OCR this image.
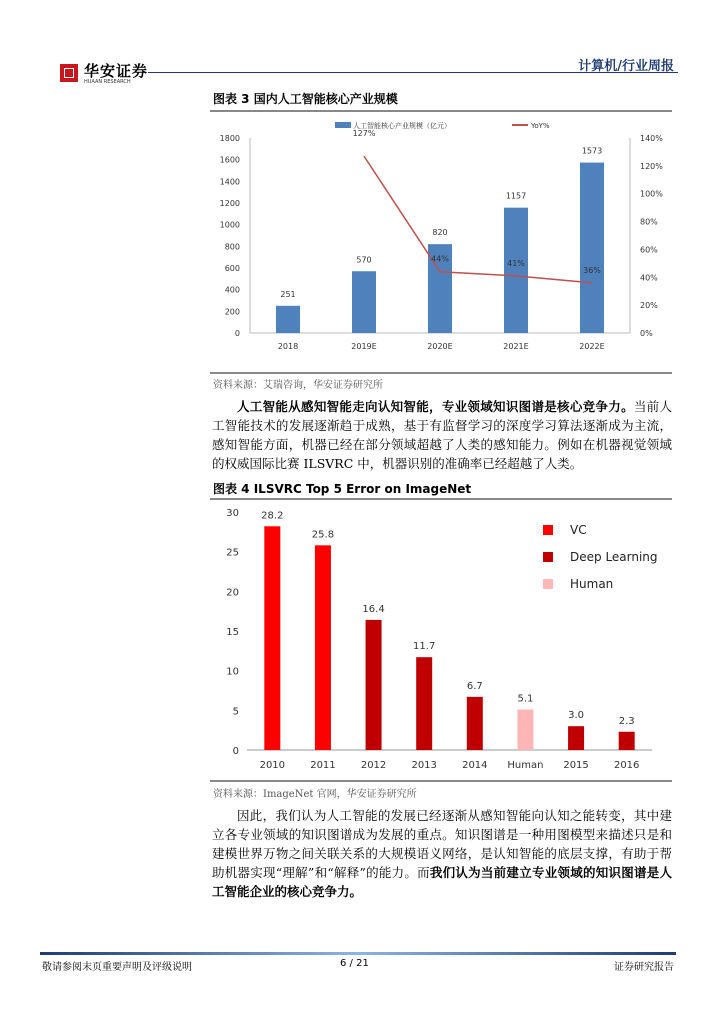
华安证券
HUAAN RESEARCH
计算机/行业周报
图表 3 国内人工智能核心产业规模
0
200
400
600
800
1000
1200
1400
1600
1800
0%
20%
40%
60%
80%
100%
120%
140%
251
2018
570
2019E
820
2020E
1157
2021E
1573
2022E
127%
44%	41%
36%
人工智能核心产业规模（亿元）	YoY%
资料来源：艾瑞咨询，华安证券研究所
人工智能从感知智能走向认知智能，专业领域知识图谱是核心竞争力。当前人工智能技术的发展逐渐趋于成熟，基于有监督学习的深度学习算法逐渐成为主流，感知智能方面，机器已经在部分领域超越了人类的感知能力。例如在机器视觉领域的权威国际比赛 ILSVRC 中，机器识别的准确率已经超越了人类。
图表 4 ILSVRC Top 5 Error on ImageNet
0
5
10
15
20
25
30 28.2
2010
25.8
2011
16.4
2012
11.7
2013
6.7
2014
5.1
Human
3.0
2015
2.3
2016
VC
Deep Learning
Human
资料来源：ImageNet 官网，华安证券研究所
因此，我们认为人工智能的发展已经逐渐从感知智能向认知之能转变，其中建立各专业领域的知识图谱成为发展的重点。知识图谱是一种用图模型来描述只是和建模世界万物之间关联关系的大规模语义网络，是认知智能的底层支撑，有助于帮助机器实现“理解”和“解释”的能力。而我们认为当前建立专业领域的知识图谱是人工智能企业的核心竞争力。
敬请参阅末页重要声明及评级说明	6 / 21	证券研究报告
